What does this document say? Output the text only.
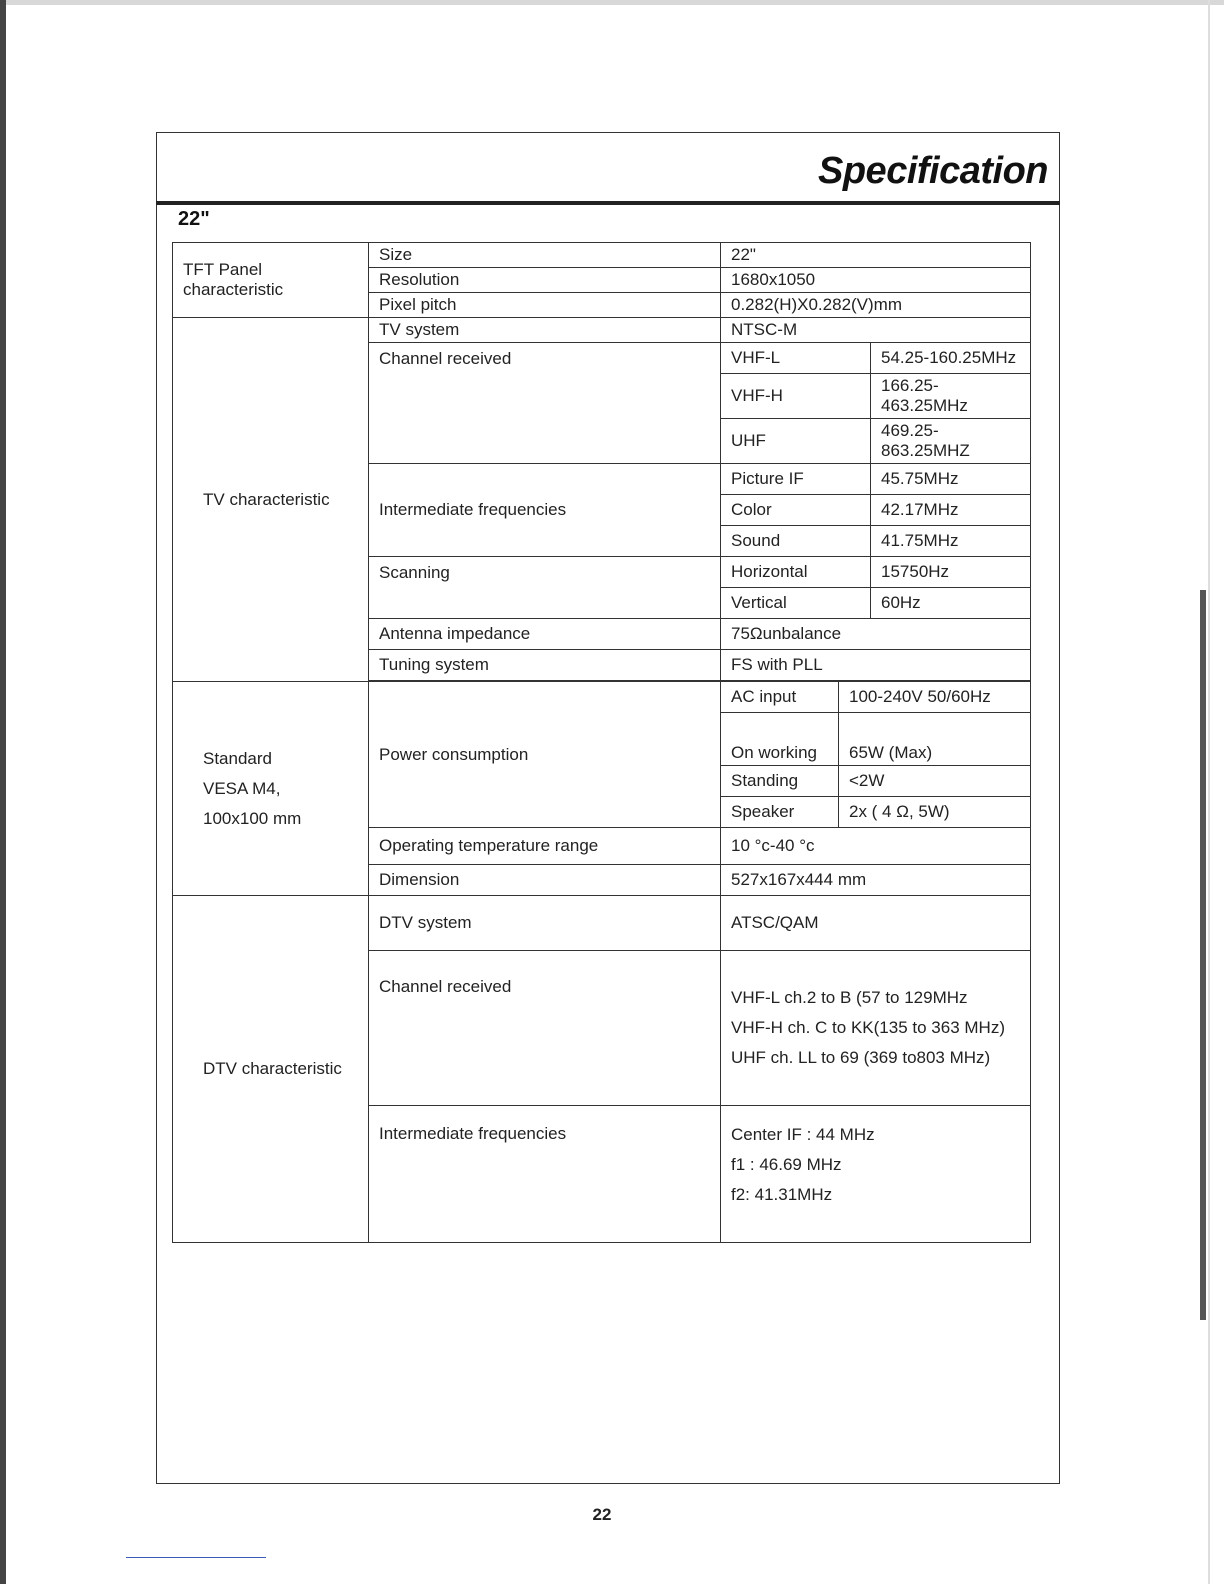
Specification
22"
TFT Panel characteristic	Size	22"		
	Resolution	1680x1050		
	Pixel pitch	0.282(H)X0.282(V)mm		
TV characteristic	TV system	NTSC-M		
	Channel received	VHF-L		54.25-160.25MHz
		VHF-H		166.25-463.25MHz
		UHF		469.25-863.25MHZ
	Intermediate frequencies	Picture IF		45.75MHz
		Color		42.17MHz
		Sound		41.75MHz
	Scanning	Horizontal		15750Hz
		Vertical		60Hz
	Antenna impedance	75Ωunbalance		
	Tuning system	FS with PLL		

Standard
VESA M4,
100x100 mm	Power consumption	AC input	100-240V 50/60Hz	
		On working	65W (Max)	
		Standing	<2W	
		Speaker	2x ( 4 Ω, 5W)	
	Operating temperature range	10 °c-40 °c		
	Dimension	527x167x444 mm		
DTV characteristic	DTV system	ATSC/QAM		
	Channel received	VHF-L ch.2 to B (57 to 129MHz
VHF-H ch. C to KK(135 to 363 MHz)
UHF ch. LL to 69 (369 to803 MHz)		

	Intermediate frequencies	Center IF : 44 MHz
f1 : 46.69 MHz
f2: 41.31MHz		
22
